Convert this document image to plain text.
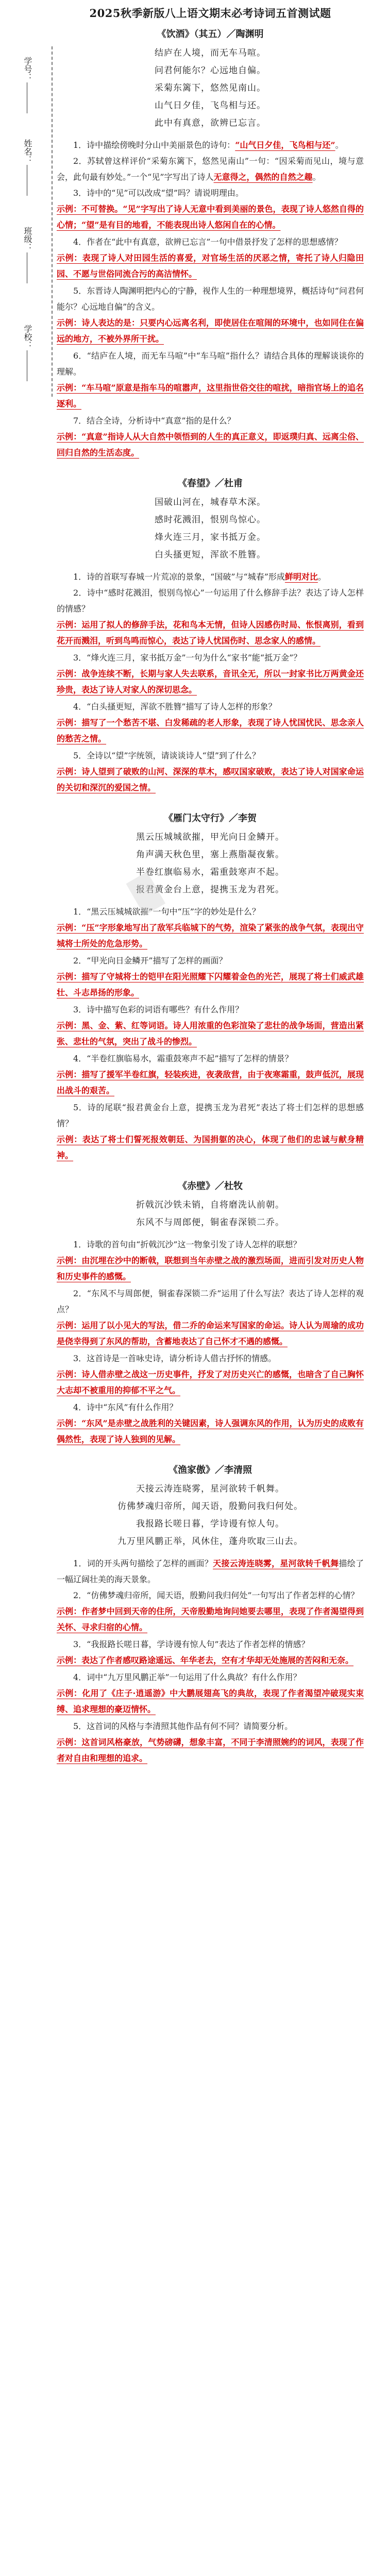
学号：
姓名：
班级：
学校：
2025秋季新版八上语文期末必考诗词五首测试题
《饮酒》（其五）／陶渊明
结庐在人境，而无车马喧。
问君何能尔？心远地自偏。
采菊东篱下，悠然见南山。
山气日夕佳，飞鸟相与还。
此中有真意，欲辨已忘言。

1．诗中描绘傍晚时分山中美丽景色的诗句：“山气日夕佳，飞鸟相与还”。

2．苏轼曾这样评价“采菊东篱下，悠然见南山”一句：“因采菊而见山，境与意会，此句最有妙处。”一个“见”字写出了诗人无意得之，偶然的自然之趣。

3．诗中的“见”可以改成“望”吗？请说明理由。

示例：不可替换。“见”字写出了诗人无意中看到美丽的景色，表现了诗人悠然自得的心情；“望”是有目的地看，不能表现出诗人悠闲自在的心情。

4．作者在“此中有真意，欲辨已忘言”一句中借景抒发了怎样的思想感情？

示例：表现了诗人对田园生活的喜爱，对官场生活的厌恶之情，寄托了诗人归隐田园、不愿与世俗同流合污的高洁情怀。

5．东晋诗人陶渊明把内心的宁静，视作人生的一种理想境界，概括诗句“问君何能尔？心远地自偏”的含义。

示例：诗人表达的是：只要内心远离名利，即使居住在喧闹的环境中，也如同住在偏远的地方，不被外界所干扰。

6．“结庐在人境，而无车马喧”中“车马喧”指什么？请结合具体的理解谈谈你的理解。

示例：“车马喧”原意是指车马的喧嚣声，这里指世俗交往的喧扰，暗指官场上的追名逐利。

7．结合全诗，分析诗中“真意”指的是什么？

示例：“真意”指诗人从大自然中领悟到的人生的真正意义，即返璞归真、远离尘俗、回归自然的生活态度。

《春望》／杜甫
国破山河在，城春草木深。
感时花溅泪，恨别鸟惊心。
烽火连三月，家书抵万金。
白头搔更短，浑欲不胜簪。

1．诗的首联写春城一片荒凉的景象，“国破”与“城春”形成鲜明对比。

2．诗中“感时花溅泪，恨别鸟惊心”一句运用了什么修辞手法？表达了诗人怎样的情感？

示例：运用了拟人的修辞手法，花和鸟本无情，但诗人因感伤时局、怅恨离别，看到花开而溅泪，听到鸟鸣而惊心，表达了诗人忧国伤时、思念家人的感情。

3．“烽火连三月，家书抵万金”一句为什么“家书”能“抵万金”？

示例：战争连续不断，长期与家人失去联系，音讯全无，所以一封家书比万两黄金还珍贵，表达了诗人对家人的深切思念。

4．“白头搔更短，浑欲不胜簪”描写了诗人怎样的形象？

示例：描写了一个愁苦不堪、白发稀疏的老人形象，表现了诗人忧国忧民、思念亲人的愁苦之情。

5．全诗以“望”字统领，请谈谈诗人“望”到了什么？

示例：诗人望到了破败的山河、深深的草木，感叹国家破败，表达了诗人对国家命运的关切和深沉的爱国之情。

《雁门太守行》／李贺
黑云压城城欲摧，甲光向日金鳞开。
角声满天秋色里，塞上燕脂凝夜紫。
半卷红旗临易水，霜重鼓寒声不起。
报君黄金台上意，提携玉龙为君死。

1．“黑云压城城欲摧”一句中“压”字的妙处是什么？

示例：“压”字形象地写出了敌军兵临城下的气势，渲染了紧张的战争气氛，表现出守城将士所处的危急形势。

2．“甲光向日金鳞开”描写了怎样的画面？

示例：描写了守城将士的铠甲在阳光照耀下闪耀着金色的光芒，展现了将士们威武雄壮、斗志昂扬的形象。

3．诗中描写色彩的词语有哪些？有什么作用？

示例：黑、金、紫、红等词语。诗人用浓重的色彩渲染了悲壮的战争场面，营造出紧张、悲壮的气氛，突出了战斗的惨烈。

4．“半卷红旗临易水，霜重鼓寒声不起”描写了怎样的情景？

示例：描写了援军半卷红旗，轻装疾进，夜袭敌营，由于夜寒霜重，鼓声低沉，展现出战斗的艰苦。

5．诗的尾联“报君黄金台上意，提携玉龙为君死”表达了将士们怎样的思想感情？

示例：表达了将士们誓死报效朝廷、为国捐躯的决心，体现了他们的忠诚与献身精神。

《赤壁》／杜牧
折戟沉沙铁未销，自将磨洗认前朝。
东风不与周郎便，铜雀春深锁二乔。

1．诗歌的首句由“折戟沉沙”这一物象引发了诗人怎样的联想？

示例：由沉埋在沙中的断戟，联想到当年赤壁之战的激烈场面，进而引发对历史人物和历史事件的感慨。

2．“东风不与周郎便，铜雀春深锁二乔”运用了什么写法？表达了诗人怎样的观点？

示例：运用了以小见大的写法，借二乔的命运来写国家的命运。诗人认为周瑜的成功是侥幸得到了东风的帮助，含蓄地表达了自己怀才不遇的感慨。

3．这首诗是一首咏史诗，请分析诗人借古抒怀的情感。

示例：诗人借赤壁之战这一历史事件，抒发了对历史兴亡的感慨，也暗含了自己胸怀大志却不被重用的抑郁不平之气。

4．诗中“东风”有什么作用？

示例：“东风”是赤壁之战胜利的关键因素，诗人强调东风的作用，认为历史的成败有偶然性，表现了诗人独到的见解。

《渔家傲》／李清照
天接云涛连晓雾，星河欲转千帆舞。
仿佛梦魂归帝所，闻天语，殷勤问我归何处。
我报路长嗟日暮，学诗谩有惊人句。
九万里风鹏正举，风休住，蓬舟吹取三山去。

1．词的开头两句描绘了怎样的画面？天接云涛连晓雾，星河欲转千帆舞描绘了一幅辽阔壮美的海天景象。

2．“仿佛梦魂归帝所，闻天语，殷勤问我归何处”一句写出了作者怎样的心情？

示例：作者梦中回到天帝的住所，天帝殷勤地询问她要去哪里，表现了作者渴望得到关怀、寻求归宿的心情。

3．“我报路长嗟日暮，学诗谩有惊人句”表达了作者怎样的情感？

示例：表达了作者感叹路途遥远、年华老去，空有才华却无处施展的苦闷和无奈。

4．词中“九万里风鹏正举”一句运用了什么典故？有什么作用？

示例：化用了《庄子·逍遥游》中大鹏展翅高飞的典故，表现了作者渴望冲破现实束缚、追求理想的豪迈情怀。

5．这首词的风格与李清照其他作品有何不同？请简要分析。

示例：这首词风格豪放，气势磅礴，想象丰富，不同于李清照婉约的词风，表现了作者对自由和理想的追求。

█
